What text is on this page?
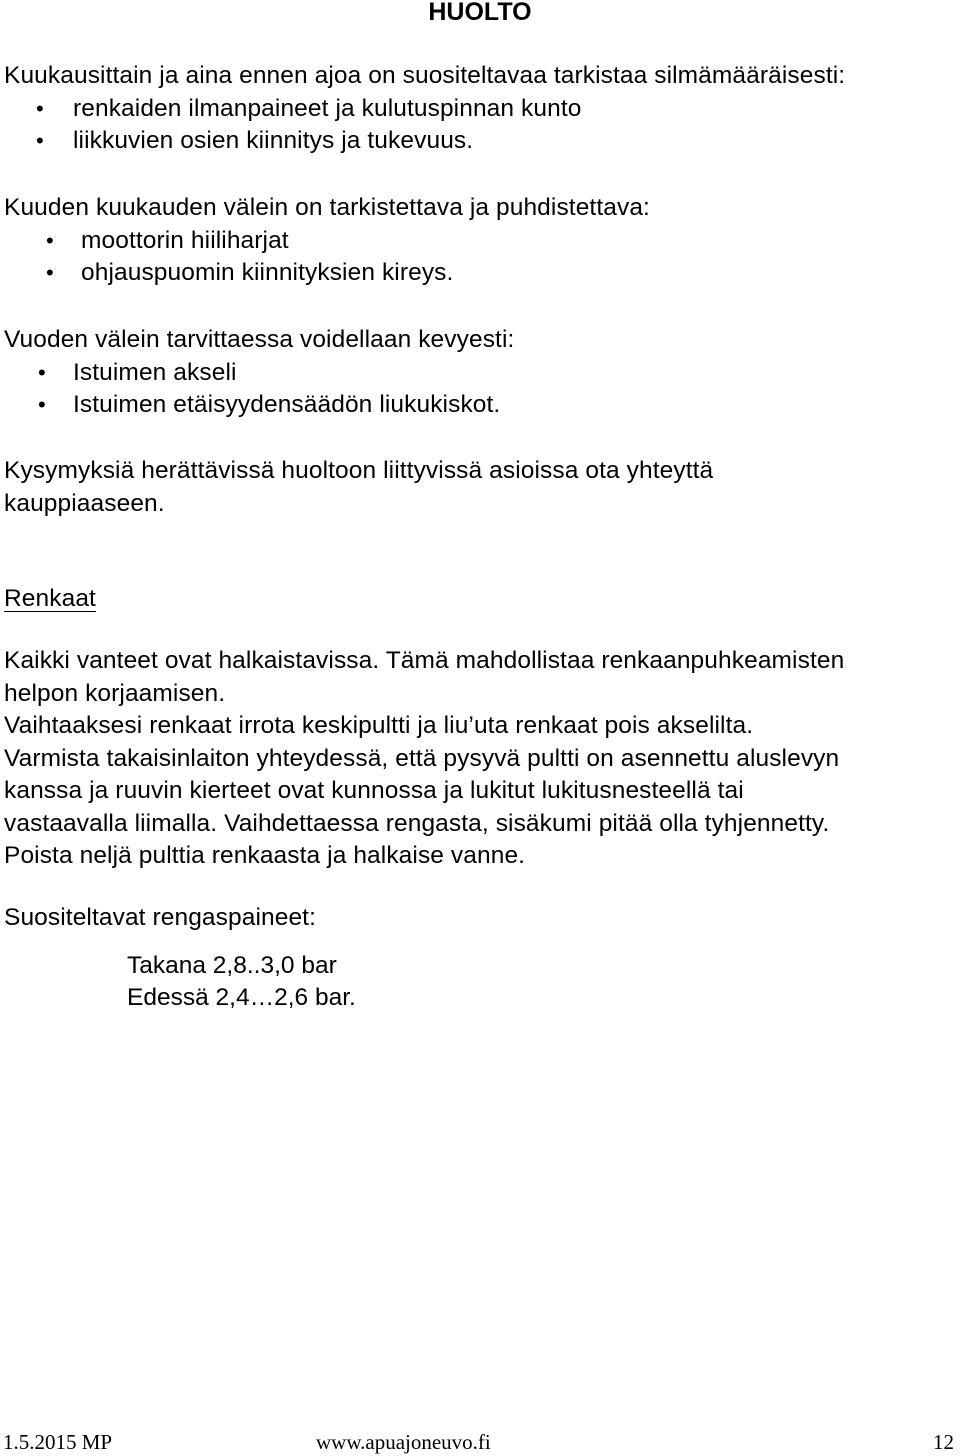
HUOLTO
Kuukausittain ja aina ennen ajoa on suositeltavaa tarkistaa silmämääräisesti:
• renkaiden ilmanpaineet ja kulutuspinnan kunto
• liikkuvien osien kiinnitys ja tukevuus.
Kuuden kuukauden välein on tarkistettava ja puhdistettava:
• moottorin hiiliharjat
• ohjauspuomin kiinnityksien kireys.
Vuoden välein tarvittaessa voidellaan kevyesti:
• Istuimen akseli
• Istuimen etäisyydensäädön liukukiskot.
Kysymyksiä herättävissä huoltoon liittyvissä asioissa ota yhteyttä
kauppiaaseen.
Renkaat
Kaikki vanteet ovat halkaistavissa. Tämä mahdollistaa renkaanpuhkeamisten
helpon korjaamisen.
Vaihtaaksesi renkaat irrota keskipultti ja liu’uta renkaat pois akselilta.
Varmista takaisinlaiton yhteydessä, että pysyvä pultti on asennettu aluslevyn
kanssa ja ruuvin kierteet ovat kunnossa ja lukitut lukitusnesteellä tai
vastaavalla liimalla. Vaihdettaessa rengasta, sisäkumi pitää olla tyhjennetty.
Poista neljä pulttia renkaasta ja halkaise vanne.
Suositeltavat rengaspaineet:
Takana 2,8..3,0 bar
Edessä 2,4…2,6 bar.
1.5.2015 MP	www.apuajoneuvo.fi	12
